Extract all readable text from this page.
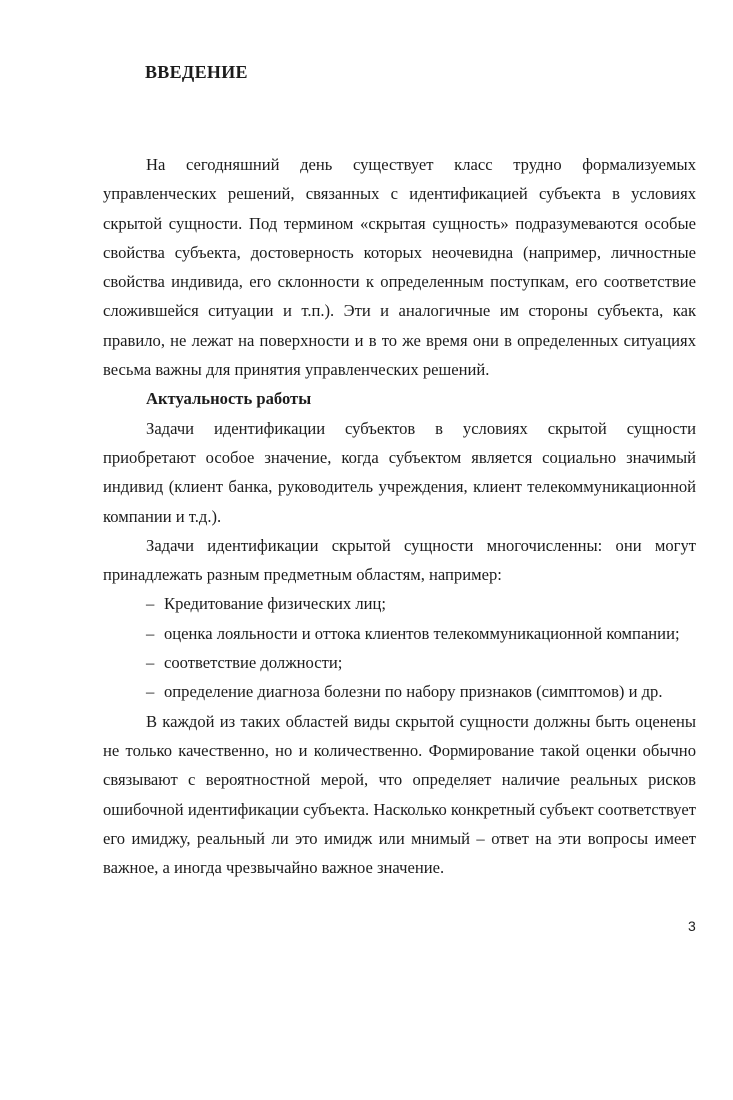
ВВЕДЕНИЕ

На сегодняшний день существует класс трудно формализуемых управленческих решений, связанных с идентификацией субъекта в условиях скрытой сущности. Под термином «скрытая сущность» подразумеваются особые свойства субъекта, достоверность которых неочевидна (например, личностные свойства индивида, его склонности к определенным поступкам, его соответствие сложившейся ситуации и т.п.). Эти и аналогичные им стороны субъекта, как правило, не лежат на поверхности и в то же время они в определенных ситуациях весьма важны для принятия управленческих решений.

Актуальность работы

Задачи идентификации субъектов в условиях скрытой сущности приобретают особое значение, когда субъектом является социально значимый индивид (клиент банка, руководитель учреждения, клиент телекоммуникационной компании и т.д.).

Задачи идентификации скрытой сущности многочисленны: они могут принадлежать разным предметным областям, например:

– Кредитование физических лиц;
– оценка лояльности и оттока клиентов телекоммуникационной компании;
– соответствие должности;
– определение диагноза болезни по набору признаков (симптомов) и др.

В каждой из таких областей виды скрытой сущности должны быть оценены не только качественно, но и количественно. Формирование такой оценки обычно связывают с вероятностной мерой, что определяет наличие реальных рисков ошибочной идентификации субъекта. Насколько конкретный субъект соответствует его имиджу, реальный ли это имидж или мнимый – ответ на эти вопросы имеет важное, а иногда чрезвычайно важное значение.

3
